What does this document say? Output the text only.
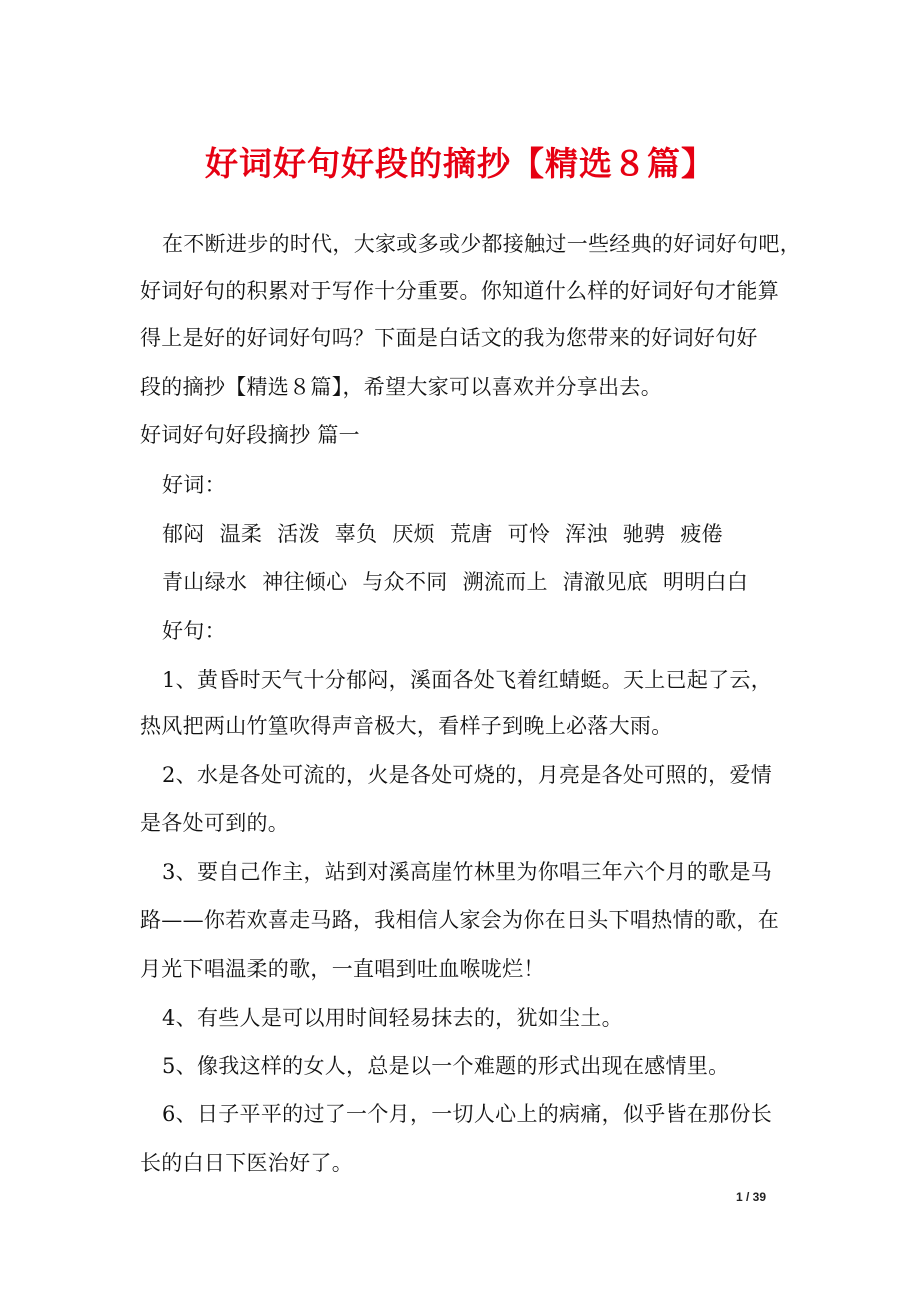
好词好句好段的摘抄【精选８篇】
在不断进步的时代，大家或多或少都接触过一些经典的好词好句吧，
好词好句的积累对于写作十分重要。你知道什么样的好词好句才能算
得上是好的好词好句吗？下面是白话文的我为您带来的好词好句好
段的摘抄【精选８篇】，希望大家可以喜欢并分享出去。
好词好句好段摘抄 篇一
好词：
郁闷 温柔 活泼 辜负 厌烦 荒唐 可怜 浑浊 驰骋 疲倦
青山绿水 神往倾心 与众不同 溯流而上 清澈见底 明明白白
好句：
1、黄昏时天气十分郁闷，溪面各处飞着红蜻蜓。天上已起了云，
热风把两山竹篁吹得声音极大，看样子到晚上必落大雨。
2、水是各处可流的，火是各处可烧的，月亮是各处可照的，爱情
是各处可到的。
3、要自己作主，站到对溪高崖竹林里为你唱三年六个月的歌是马
路——你若欢喜走马路，我相信人家会为你在日头下唱热情的歌，在
月光下唱温柔的歌，一直唱到吐血喉咙烂！
4、有些人是可以用时间轻易抹去的，犹如尘土。
5、像我这样的女人，总是以一个难题的形式出现在感情里。
6、日子平平的过了一个月，一切人心上的病痛，似乎皆在那份长
长的白日下医治好了。
1 / 39
